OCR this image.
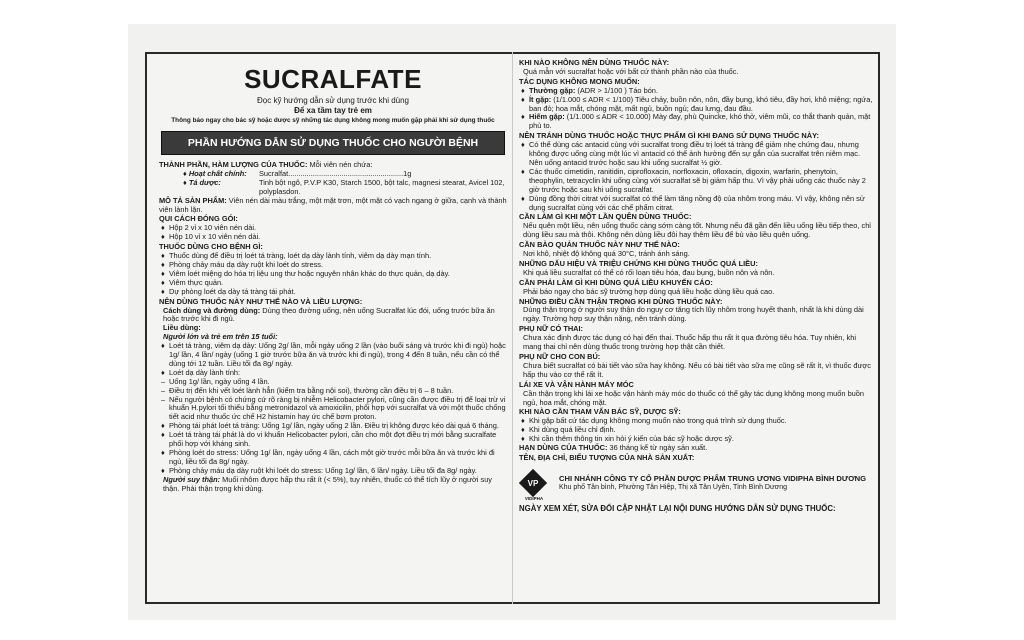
SUCRALFATE
Đọc kỹ hướng dẫn sử dụng trước khi dùng
Để xa tầm tay trẻ em
Thông báo ngay cho bác sỹ hoặc dược sỹ những tác dụng không mong muốn gặp phải khi sử dụng thuốc
PHẦN HƯỚNG DẪN SỬ DỤNG THUỐC CHO NGƯỜI BỆNH
THÀNH PHẦN, HÀM LƯỢNG CỦA THUỐC: Mỗi viên nén chứa:
♦ Hoạt chất chính:	Sucralfat........................................................1g
♦ Tá dược:	Tinh bột ngô, P.V.P K30, Starch 1500, bột talc, magnesi stearat, Avicel 102, polyplasdon.
MÔ TẢ SẢN PHẨM: Viên nén dài màu trắng, một mặt trơn, một mặt có vạch ngang ở giữa, cạnh và thành viên lành lặn.
QUI CÁCH ĐÓNG GÓI:
♦ Hộp 2 vỉ x 10 viên nén dài.
♦ Hộp 10 vỉ x 10 viên nén dài.
THUỐC DÙNG CHO BỆNH GÌ:
♦ Thuốc dùng để điều trị loét tá tràng, loét dạ dày lành tính, viêm dạ dày mạn tính.
♦ Phòng chảy máu dạ dày ruột khi loét do stress.
♦ Viêm loét miệng do hóa trị liệu ung thư hoặc nguyên nhân khác do thực quản, dạ dày.
♦ Viêm thực quản.
♦ Dự phòng loét dạ dày tá tràng tái phát.
NÊN DÙNG THUỐC NÀY NHƯ THẾ NÀO VÀ LIỀU LƯỢNG:
Cách dùng và đường dùng: Dùng theo đường uống, nên uống Sucralfat lúc đói, uống trước bữa ăn hoặc trước khi đi ngủ.
Liều dùng:
Người lớn và trẻ em trên 15 tuổi:
♦ Loét tá tràng, viêm dạ dày: Uống 2g/ lần, mỗi ngày uống 2 lần (vào buổi sáng và trước khi đi ngủ) hoặc 1g/ lần, 4 lần/ ngày (uống 1 giờ trước bữa ăn và trước khi đi ngủ), trong 4 đến 8 tuần, nếu cần có thể dùng tới 12 tuần. Liều tối đa 8g/ ngày.
♦ Loét dạ dày lành tính:
– Uống 1g/ lần, ngày uống 4 lần.
– Điều trị đến khi vết loét lành hẳn (kiểm tra bằng nội soi), thường cần điều trị 6 – 8 tuần.
– Nếu người bệnh có chứng cứ rõ ràng bị nhiễm Helicobacter pylori, cũng cần được điều trị để loại trừ vi khuẩn H.pylori tối thiểu bằng metronidazol và amoxicilin, phối hợp với sucralfat và với một thuốc chống tiết acid như thuốc ức chế H2 histamin hay ức chế bơm proton.
♦ Phòng tái phát loét tá tràng: Uống 1g/ lần, ngày uống 2 lần. Điều trị không được kéo dài quá 6 tháng.
♦ Loét tá tràng tái phát là do vi khuẩn Helicobacter pylori, cần cho một đợt điều trị mới bằng sucralfate phối hợp với kháng sinh.
♦ Phòng loét do stress: Uống 1g/ lần, ngày uống 4 lần, cách một giờ trước mỗi bữa ăn và trước khi đi ngủ, liều tối đa 8g/ ngày.
♦ Phòng chảy máu dạ dày ruột khi loét do stress: Uống 1g/ lần, 6 lần/ ngày. Liều tối đa 8g/ ngày.
Người suy thận: Muối nhôm được hấp thu rất ít (< 5%), tuy nhiên, thuốc có thể tích lũy ở người suy thận. Phải thận trọng khi dùng.
KHI NÀO KHÔNG NÊN DÙNG THUỐC NÀY:
Quá mẫn với sucralfat hoặc với bất cứ thành phần nào của thuốc.
TÁC DỤNG KHÔNG MONG MUỐN:
♦ Thường gặp: (ADR > 1/100 ) Táo bón.
♦ Ít gặp: (1/1.000 ≤ ADR < 1/100) Tiêu chảy, buồn nôn, nôn, đầy bụng, khó tiêu, đầy hơi, khô miệng; ngứa, ban đỏ; hoa mắt, chóng mặt, mất ngủ, buồn ngủ; đau lưng, đau đầu.
♦ Hiếm gặp: (1/1.000 ≤ ADR < 10.000) Mày đay, phù Quincke, khó thở, viêm mũi, co thắt thanh quản, mặt phù to.
NÊN TRÁNH DÙNG THUỐC HOẶC THỰC PHẨM GÌ KHI ĐANG SỬ DỤNG THUỐC NÀY:
♦ Có thể dùng các antacid cùng với sucralfat trong điều trị loét tá tràng để giảm nhẹ chứng đau, nhưng không được uống cùng một lúc vì antacid có thể ảnh hưởng đến sự gắn của sucralfat trên niêm mạc. Nên uống antacid trước hoặc sau khi uống sucralfat ½ giờ.
♦ Các thuốc cimetidin, ranitidin, ciprofloxacin, norfloxacin, ofloxacin, digoxin, warfarin, phenytoin, theophylin, tetracyclin khi uống cùng với sucralfat sẽ bị giảm hấp thu. Vì vậy phải uống các thuốc này 2 giờ trước hoặc sau khi uống sucralfat.
♦ Dùng đồng thời citrat với sucralfat có thể làm tăng nồng độ của nhôm trong máu. Vì vậy, không nên sử dụng sucralfat cùng với các chế phẩm citrat.
CẦN LÀM GÌ KHI MỘT LẦN QUÊN DÙNG THUỐC:
Nếu quên một liều, nên uống thuốc càng sớm càng tốt. Nhưng nếu đã gần đến liều uống liều tiếp theo, chỉ dùng liều sau mà thôi. Không nên dùng liều đôi hay thêm liều để bù vào liều quên uống.
CẦN BẢO QUẢN THUỐC NÀY NHƯ THẾ NÀO:
Nơi khô, nhiệt độ không quá 30°C, tránh ánh sáng.
NHỮNG DẤU HIỆU VÀ TRIỆU CHỨNG KHI DÙNG THUỐC QUÁ LIỀU:
Khi quá liều sucralfat có thể có rối loạn tiêu hóa, đau bụng, buồn nôn và nôn.
CẦN PHẢI LÀM GÌ KHI DÙNG QUÁ LIỀU KHUYẾN CÁO:
Phải báo ngay cho bác sỹ trường hợp dùng quá liều hoặc dùng liều quá cao.
NHỮNG ĐIỀU CẦN THẬN TRỌNG KHI DÙNG THUỐC NÀY:
Dùng thận trọng ở người suy thận do nguy cơ tăng tích lũy nhôm trong huyết thanh, nhất là khi dùng dài ngày. Trường hợp suy thận nặng, nên tránh dùng.
PHỤ NỮ CÓ THAI:
Chưa xác định được tác dụng có hại đến thai. Thuốc hấp thu rất ít qua đường tiêu hóa. Tuy nhiên, khi mang thai chỉ nên dùng thuốc trong trường hợp thật cần thiết.
PHỤ NỮ CHO CON BÚ:
Chưa biết sucralfat có bài tiết vào sữa hay không. Nếu có bài tiết vào sữa mẹ cũng sẽ rất ít, vì thuốc được hấp thu vào cơ thể rất ít.
LÁI XE VÀ VẬN HÀNH MÁY MÓC
Cần thận trọng khi lái xe hoặc vận hành máy móc do thuốc có thể gây tác dụng không mong muốn buồn ngủ, hoa mắt, chóng mặt.
KHI NÀO CẦN THAM VẤN BÁC SỸ, DƯỢC SỸ:
♦ Khi gặp bất cứ tác dụng không mong muốn nào trong quá trình sử dụng thuốc.
♦ Khi dùng quá liều chỉ định.
♦ Khi cần thêm thông tin xin hỏi ý kiến của bác sỹ hoặc dược sỹ.
HẠN DÙNG CỦA THUỐC: 36 tháng kể từ ngày sản xuất.
TÊN, ĐỊA CHỈ, BIỂU TƯỢNG CỦA NHÀ SẢN XUẤT:
VP
VIDIPHA
CHI NHÁNH CÔNG TY CỔ PHẦN DƯỢC PHẨM TRUNG ƯƠNG VIDIPHA BÌNH DƯƠNG
Khu phố Tân bình, Phường Tân Hiệp, Thị xã Tân Uyên, Tỉnh Bình Dương
NGÀY XEM XÉT, SỬA ĐỔI CẬP NHẬT LẠI NỘI DUNG HƯỚNG DẪN SỬ DỤNG THUỐC:
